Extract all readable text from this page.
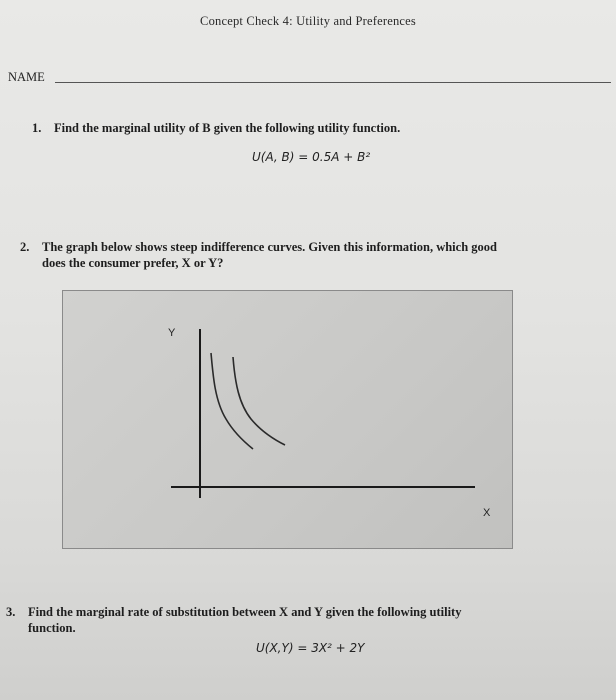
Concept Check 4: Utility and Preferences
NAME
1. Find the marginal utility of B given the following utility function.
U(A, B) = 0.5A + B²
2. The graph below shows steep indifference curves. Given this information, which good
does the consumer prefer, X or Y?
Y
X
3. Find the marginal rate of substitution between X and Y given the following utility
function.
U(X,Y) = 3X² + 2Y
